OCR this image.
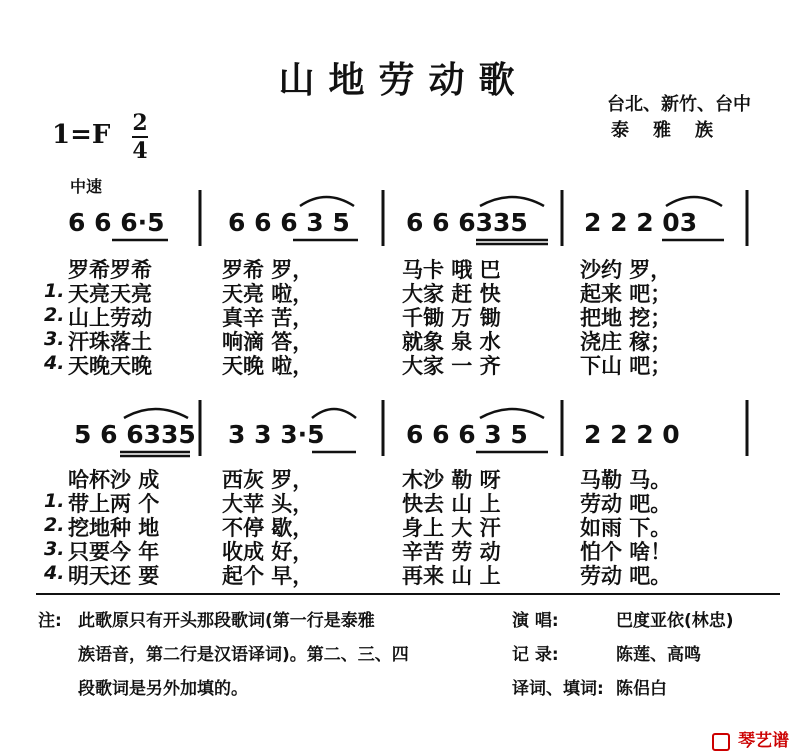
山地劳动歌
台北、新竹、台中
泰雅族
1=F 2
4
中速
6 6 6·5	6 6 6 3 5 6 6 6335 2 2 2 03
1.
2.
3.
4.
罗希罗希	罗希 罗，	马卡 哦 巴	沙约 罗，
天亮天亮	天亮 啦，	大家 赶 快	起来 吧；
山上劳动	真辛 苦，	千锄 万 锄	把地 挖；
汗珠落土	响滴 答，	就象 泉 水	浇庄 稼；
天晚天晚	天晚 啦，	大家 一 齐	下山 吧；
5 6 6335 3 3 3·5	6 6 6 3 5 2 2 2 0
1.
2.
3.
4.
哈杯沙 成	西灰 罗，	木沙 勒 呀	马勒 马。
带上两 个	大苹 头，	快去 山 上	劳动 吧。
挖地种 地	不停 歇，	身上 大 汗	如雨 下。
只要今 年	收成 好，	辛苦 劳 动	怕个 啥！
明天还 要	起个 早，	再来 山 上	劳动 吧。
注: 此歌原只有开头那段歌词(第一行是泰雅
族语音，第二行是汉语译词)。第二、三、四
段歌词是另外加填的。
演 唱:	巴度亚依(林忠)
记 录:	陈莲、高鸣
译词、填词: 陈侣白
琴艺谱
